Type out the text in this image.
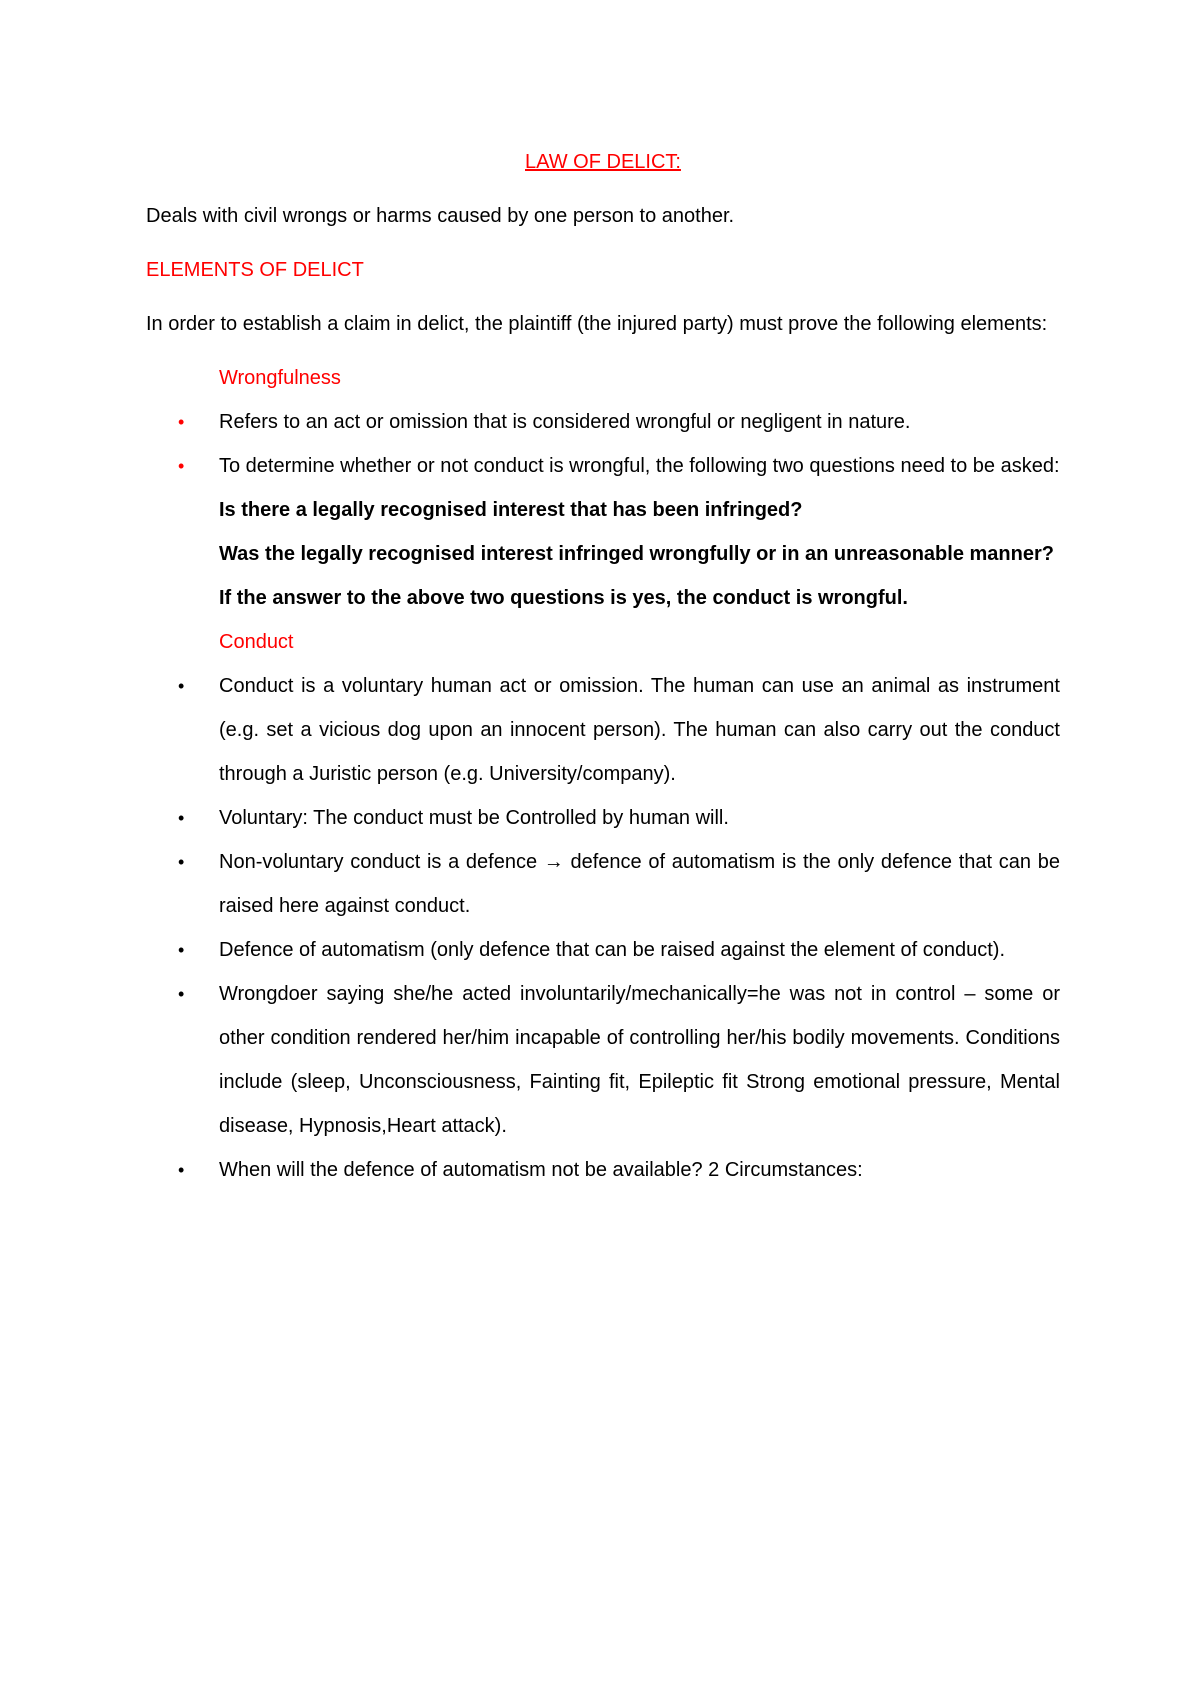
LAW OF DELICT:

Deals with civil wrongs or harms caused by one person to another.

ELEMENTS OF DELICT

In order to establish a claim in delict, the plaintiff (the injured party) must prove the following elements:

Wrongfulness
• Refers to an act or omission that is considered wrongful or negligent in nature.
• To determine whether or not conduct is wrongful, the following two questions need to be asked:
Is there a legally recognised interest that has been infringed?
Was the legally recognised interest infringed wrongfully or in an unreasonable manner?
If the answer to the above two questions is yes, the conduct is wrongful.
Conduct
• Conduct is a voluntary human act or omission. The human can use an animal as instrument (e.g. set a vicious dog upon an innocent person). The human can also carry out the conduct through a Juristic person (e.g. University/company).
• Voluntary: The conduct must be Controlled by human will.
• Non-voluntary conduct is a defence → defence of automatism is the only defence that can be raised here against conduct.
• Defence of automatism (only defence that can be raised against the element of conduct).
• Wrongdoer saying she/he acted involuntarily/mechanically=he was not in control – some or other condition rendered her/him incapable of controlling her/his bodily movements. Conditions include (sleep, Unconsciousness, Fainting fit, Epileptic fit Strong emotional pressure, Mental disease, Hypnosis,Heart attack).
• When will the defence of automatism not be available? 2 Circumstances:
